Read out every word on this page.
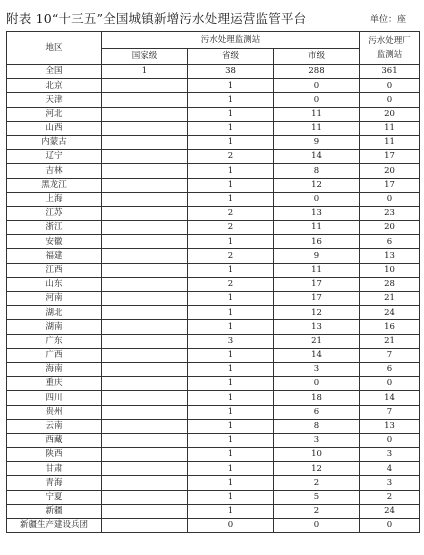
附表 10“十三五”全国城镇新增污水处理运营监管平台	单位：座
地区	污水处理监测站			污水处理厂
监测站

	国家级	省级	市级	
全国	1	38	288	361
北京		1	0	0
天津		1	0	0
河北		1	11	20
山西		1	11	11
内蒙古		1	9	11
辽宁		2	14	17
吉林		1	8	20
黑龙江		1	12	17
上海		1	0	0
江苏		2	13	23
浙江		2	11	20
安徽		1	16	6
福建		2	9	13
江西		1	11	10
山东		2	17	28
河南		1	17	21
湖北		1	12	24
湖南		1	13	16
广东		3	21	21
广西		1	14	7
海南		1	3	6
重庆		1	0	0
四川		1	18	14
贵州		1	6	7
云南		1	8	13
西藏		1	3	0
陕西		1	10	3
甘肃		1	12	4
青海		1	2	3
宁夏		1	5	2
新疆		1	2	24
新疆生产建设兵团		0	0	0
